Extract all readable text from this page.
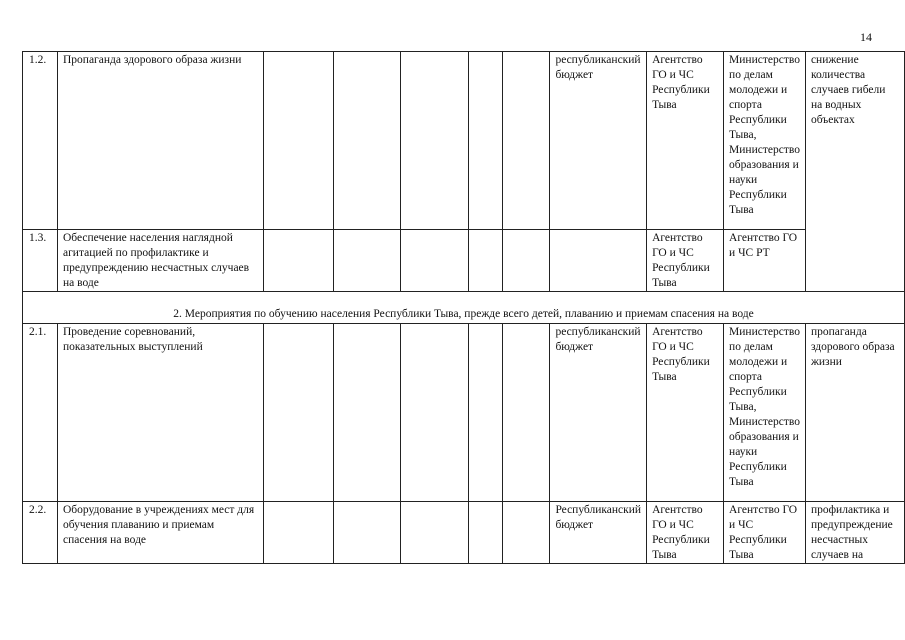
14
1.2.	Пропаганда здорового образа жизни						республиканский бюджет	Агентство ГО и ЧС Республики Тыва	Министерство по делам молодежи и спорта Республики Тыва, Министерство образования и науки Республики Тыва	снижение количества случаев гибели на водных объектах
1.3.	Обеспечение населения наглядной агитацией по профилактике и предупреждению несчастных случаев на воде							Агентство ГО и ЧС Республики Тыва	Агентство ГО и ЧС РТ	
2. Мероприятия по обучению населения Республики Тыва, прежде всего детей, плаванию и приемам спасения на воде										
2.1.	Проведение соревнований, показательных выступлений						республиканский бюджет	Агентство ГО и ЧС Республики Тыва	Министерство по делам молодежи и спорта Республики Тыва, Министерство образования и науки Республики Тыва	пропаганда здорового образа жизни
2.2.	Оборудование в учреждениях мест для обучения плаванию и приемам спасения на воде						Республиканский бюджет	Агентство ГО и ЧС Республики Тыва	Агентство ГО и ЧС Республики Тыва	профилактика и предупреждение несчастных случаев на
